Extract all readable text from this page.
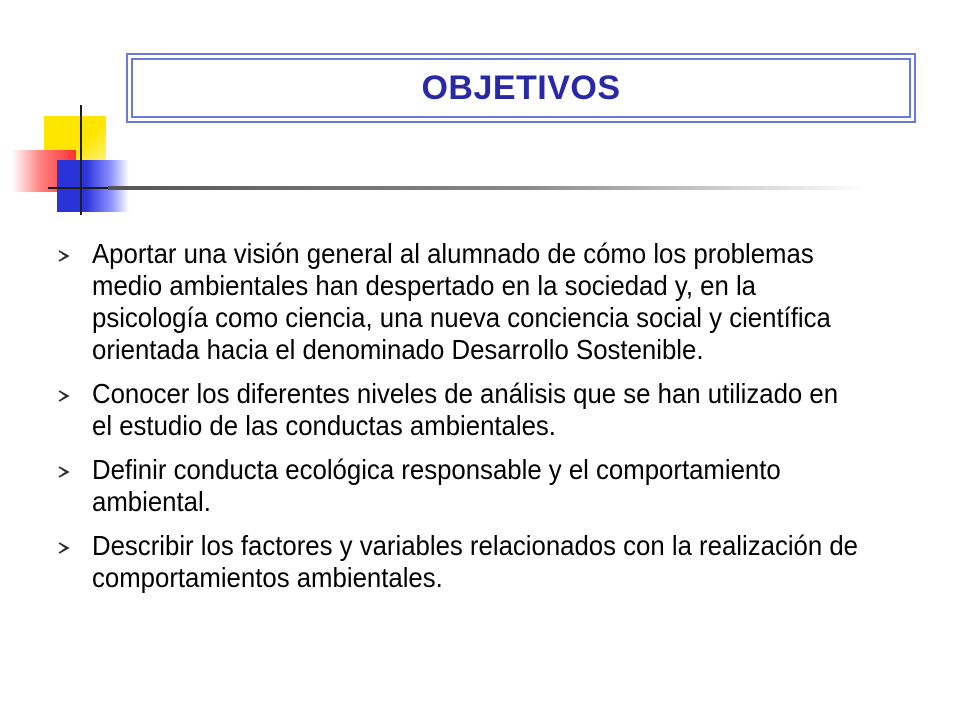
OBJETIVOS
Aportar una visión general al alumnado de cómo los problemas medio ambientales han despertado en la sociedad y, en la psicología como ciencia, una nueva conciencia social y científica orientada hacia el denominado Desarrollo Sostenible.
Conocer los diferentes niveles de análisis que se han utilizado en el estudio de las conductas ambientales.
Definir conducta ecológica responsable y el comportamiento ambiental.
Describir los factores y variables relacionados con la realización de comportamientos ambientales.
